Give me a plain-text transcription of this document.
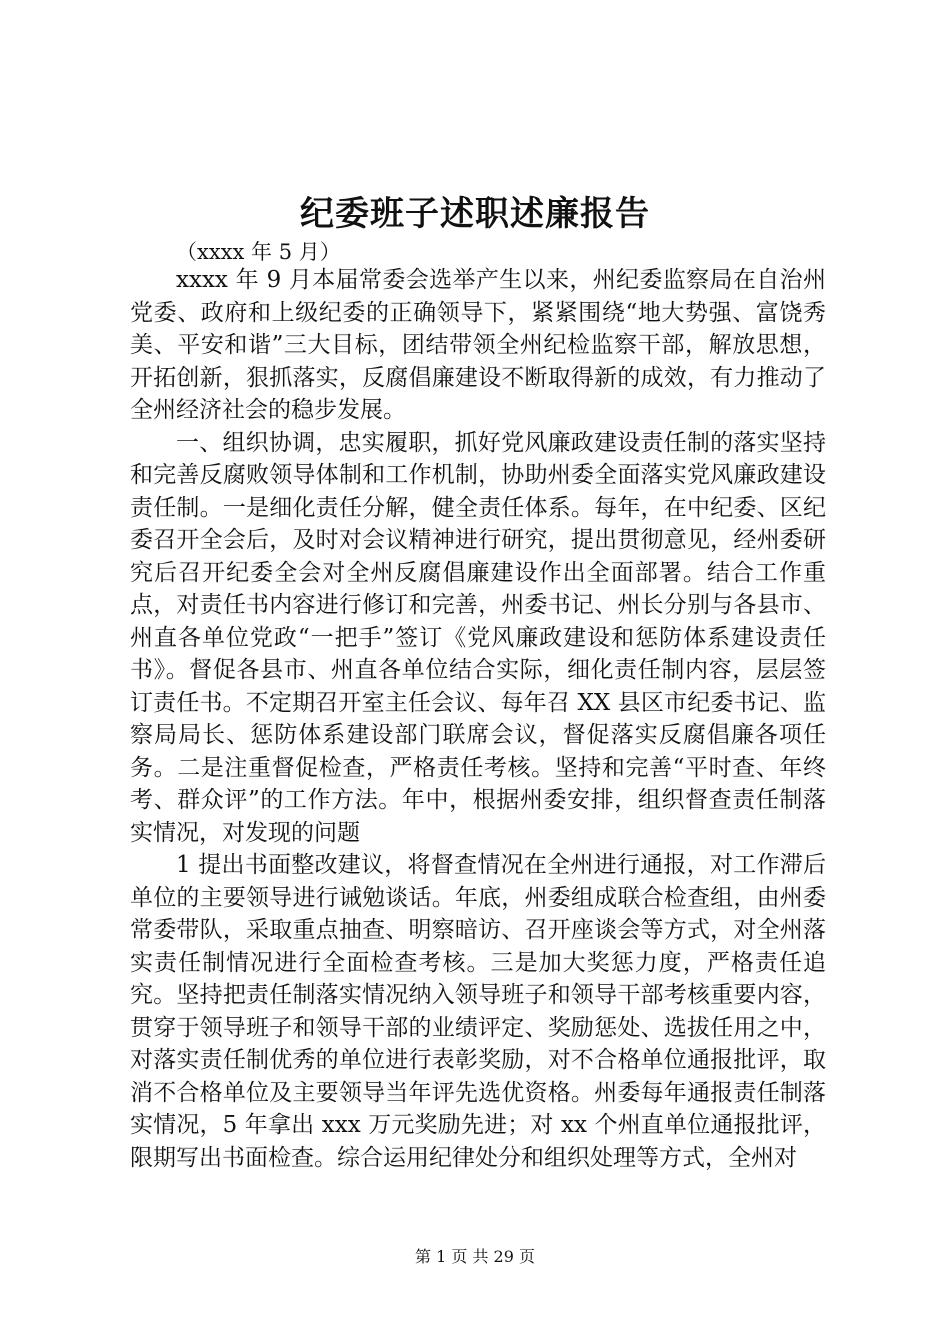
纪委班子述职述廉报告

（xxxx 年 5 月）

xxxx 年 9 月本届常委会选举产生以来，州纪委监察局在自治州党委、政府和上级纪委的正确领导下，紧紧围绕“地大势强、富饶秀美、平安和谐”三大目标，团结带领全州纪检监察干部，解放思想，开拓创新，狠抓落实，反腐倡廉建设不断取得新的成效，有力推动了全州经济社会的稳步发展。

一、组织协调，忠实履职，抓好党风廉政建设责任制的落实坚持和完善反腐败领导体制和工作机制，协助州委全面落实党风廉政建设责任制。一是细化责任分解，健全责任体系。每年，在中纪委、区纪委召开全会后，及时对会议精神进行研究，提出贯彻意见，经州委研究后召开纪委全会对全州反腐倡廉建设作出全面部署。结合工作重点，对责任书内容进行修订和完善，州委书记、州长分别与各县市、州直各单位党政“一把手”签订《党风廉政建设和惩防体系建设责任书》。督促各县市、州直各单位结合实际，细化责任制内容，层层签订责任书。不定期召开室主任会议、每年召 XX 县区市纪委书记、监察局局长、惩防体系建设部门联席会议，督促落实反腐倡廉各项任务。二是注重督促检查，严格责任考核。坚持和完善“平时查、年终考、群众评”的工作方法。年中，根据州委安排，组织督查责任制落实情况，对发现的问题

1 提出书面整改建议，将督查情况在全州进行通报，对工作滞后单位的主要领导进行诫勉谈话。年底，州委组成联合检查组，由州委常委带队，采取重点抽查、明察暗访、召开座谈会等方式，对全州落实责任制情况进行全面检查考核。三是加大奖惩力度，严格责任追究。坚持把责任制落实情况纳入领导班子和领导干部考核重要内容，贯穿于领导班子和领导干部的业绩评定、奖励惩处、选拔任用之中，对落实责任制优秀的单位进行表彰奖励，对不合格单位通报批评，取消不合格单位及主要领导当年评先选优资格。州委每年通报责任制落实情况，5 年拿出 xxx 万元奖励先进；对 xx 个州直单位通报批评，限期写出书面检查。综合运用纪律处分和组织处理等方式，全州对

第 1 页 共 29 页
